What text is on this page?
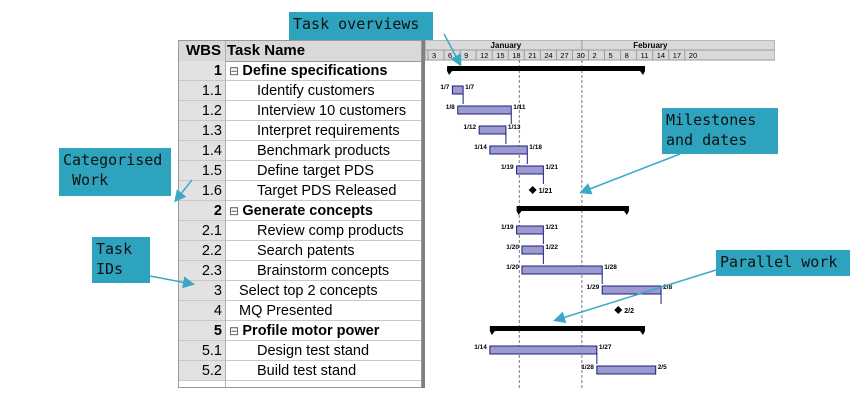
WBS Task Name
1 ⊟ Define specifications
1.1 Identify customers
1.2 Interview 10 customers
1.3 Interpret requirements
1.4 Benchmark products
1.5 Define target PDS
1.6 Target PDS Released
2 ⊟ Generate concepts
2.1 Review comp products
2.2 Search patents
2.3 Brainstorm concepts
3 Select top 2 concepts
4 MQ Presented
5 ⊟ Profile motor power
5.1 Design test stand
5.2 Build test stand
January	February
3 6 9 12 15 18 21 24 27 30 2 5 8 11 14 17 20
1/7 1/7
1/8	1/11
1/12	1/13
1/14	1/18
1/19	1/21
1/21
1/19	1/21
1/20	1/22
1/20	1/28
1/29	2/8
2/2
1/14	1/27
1/28	2/5
Task overviews
Milestones
and dates
Categorised
Work
Task
IDs	Parallel work
